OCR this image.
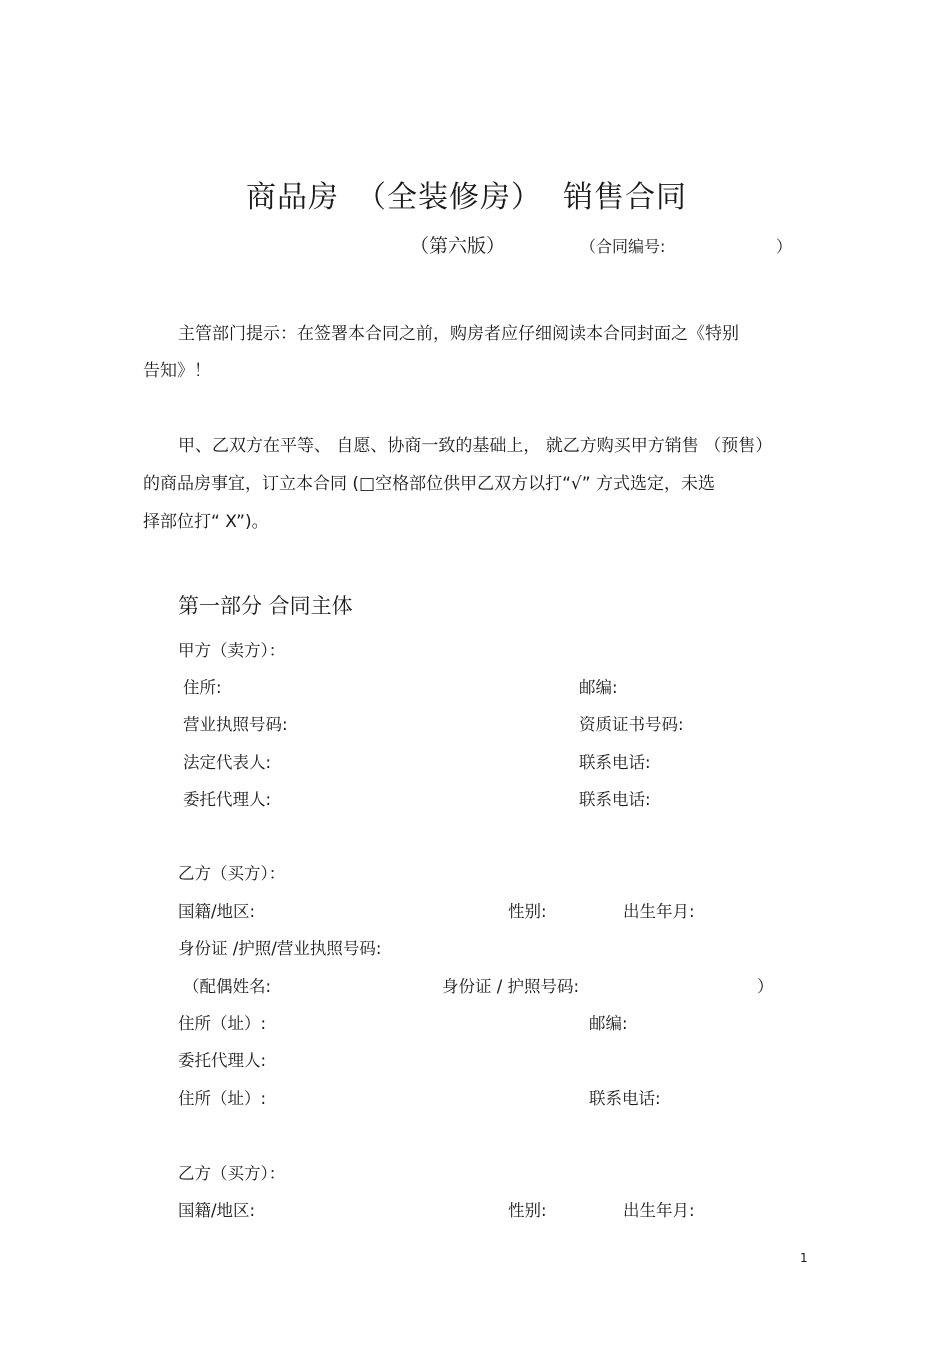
商品房 （全装修房） 销售合同
（第六版）	（合同编号:	）
主管部门提示：在签署本合同之前，购房者应仔细阅读本合同封面之《特别
告知》！
甲、乙双方在平等、 自愿、协商一致的基础上， 就乙方购买甲方销售 （预售）
的商品房事宜，订立本合同 (□空格部位供甲乙双方以打“√” 方式选定，未选
择部位打“ X”)。
第一部分 合同主体
甲方（卖方）：
住所:	邮编:
营业执照号码:	资质证书号码:
法定代表人:	联系电话:
委托代理人:	联系电话:
乙方（买方）：
国籍/地区:	性别:	出生年月:
身份证 /护照/营业执照号码:
（配偶姓名:	身份证 / 护照号码:	）
住所（址）:	邮编:
委托代理人:
住所（址）:	联系电话:
乙方（买方）：
国籍/地区:	性别:	出生年月:
1
